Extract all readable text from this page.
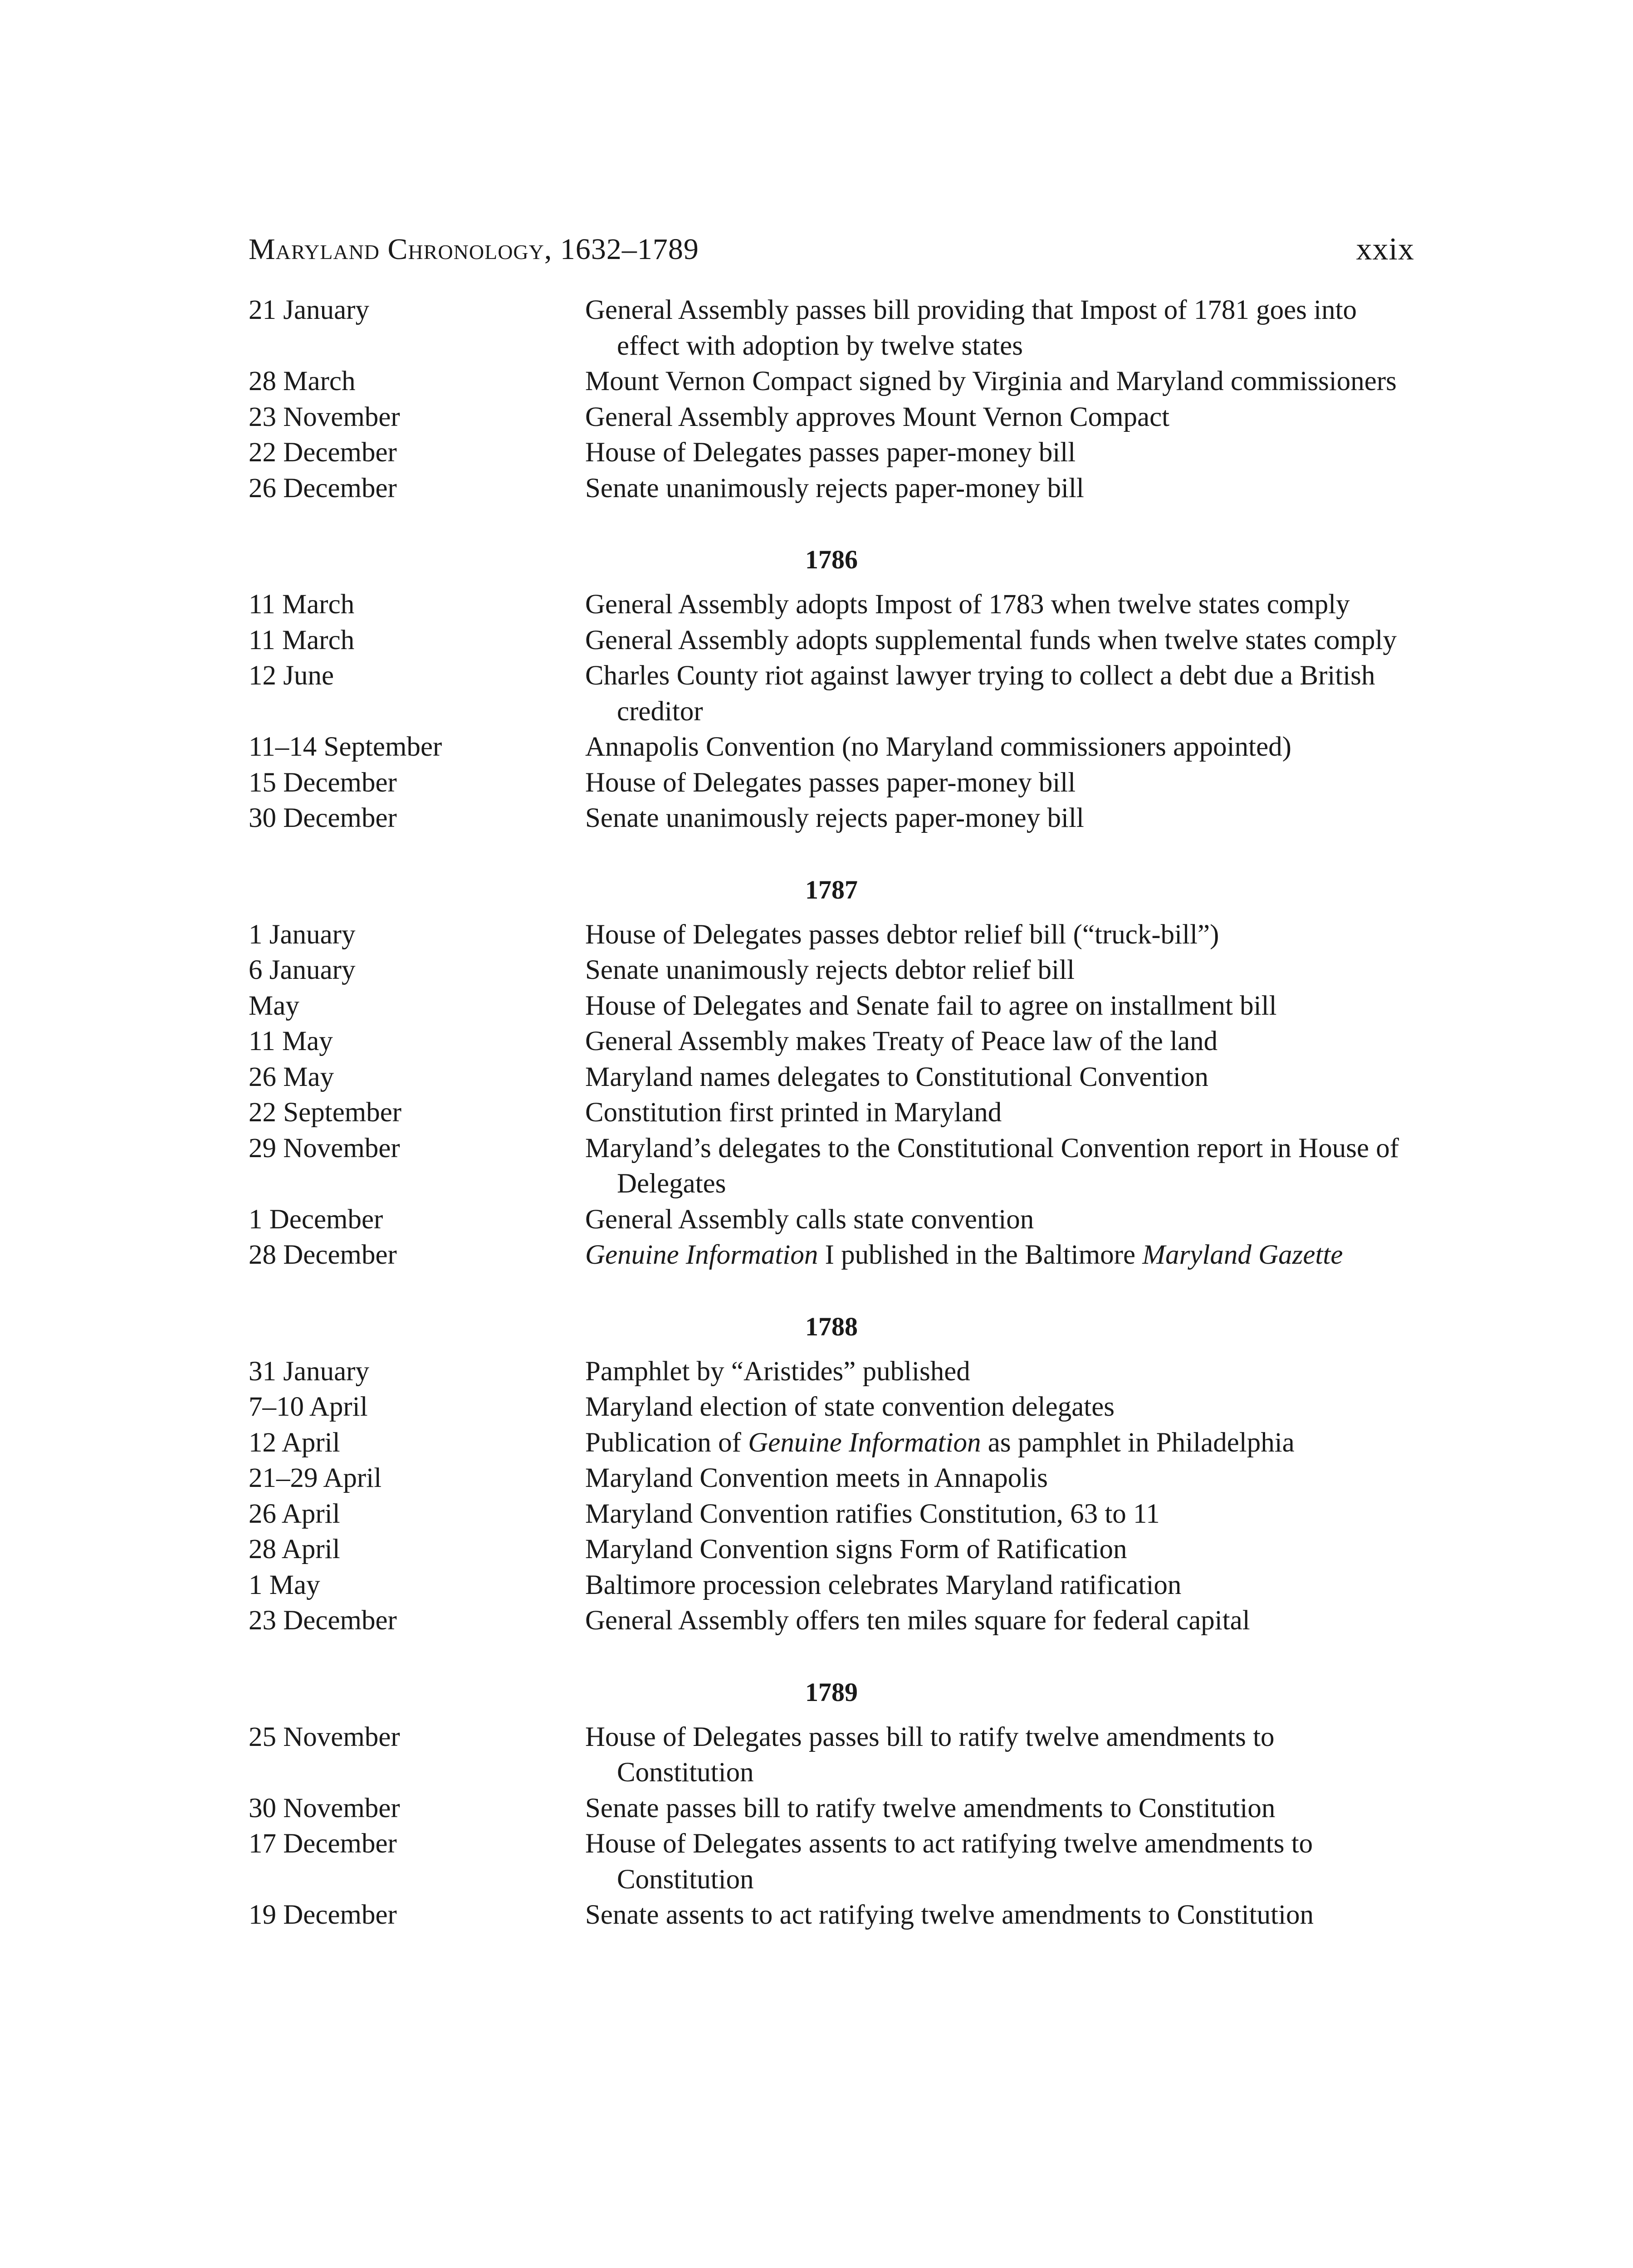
Maryland Chronology, 1632–1789	xxix
21 January	General Assembly passes bill providing that Impost of 1781 goes into effect with adoption by twelve states
28 March	Mount Vernon Compact signed by Virginia and Maryland commissioners
23 November	General Assembly approves Mount Vernon Compact
22 December	House of Delegates passes paper-money bill
26 December	Senate unanimously rejects paper-money bill
1786
11 March	General Assembly adopts Impost of 1783 when twelve states comply
11 March	General Assembly adopts supplemental funds when twelve states comply
12 June	Charles County riot against lawyer trying to collect a debt due a British creditor
11–14 September	Annapolis Convention (no Maryland commissioners appointed)
15 December	House of Delegates passes paper-money bill
30 December	Senate unanimously rejects paper-money bill
1787
1 January	House of Delegates passes debtor relief bill (“truck-bill”)
6 January	Senate unanimously rejects debtor relief bill
May	House of Delegates and Senate fail to agree on installment bill
11 May	General Assembly makes Treaty of Peace law of the land
26 May	Maryland names delegates to Constitutional Convention
22 September	Constitution first printed in Maryland
29 November	Maryland’s delegates to the Constitutional Convention report in House of Delegates
1 December	General Assembly calls state convention
28 December	Genuine Information I published in the Baltimore Maryland Gazette
1788
31 January	Pamphlet by “Aristides” published
7–10 April	Maryland election of state convention delegates
12 April	Publication of Genuine Information as pamphlet in Philadelphia
21–29 April	Maryland Convention meets in Annapolis
26 April	Maryland Convention ratifies Constitution, 63 to 11
28 April	Maryland Convention signs Form of Ratification
1 May	Baltimore procession celebrates Maryland ratification
23 December	General Assembly offers ten miles square for federal capital
1789
25 November	House of Delegates passes bill to ratify twelve amendments to Constitution
30 November	Senate passes bill to ratify twelve amendments to Constitution
17 December	House of Delegates assents to act ratifying twelve amendments to Constitution
19 December	Senate assents to act ratifying twelve amendments to Constitution
